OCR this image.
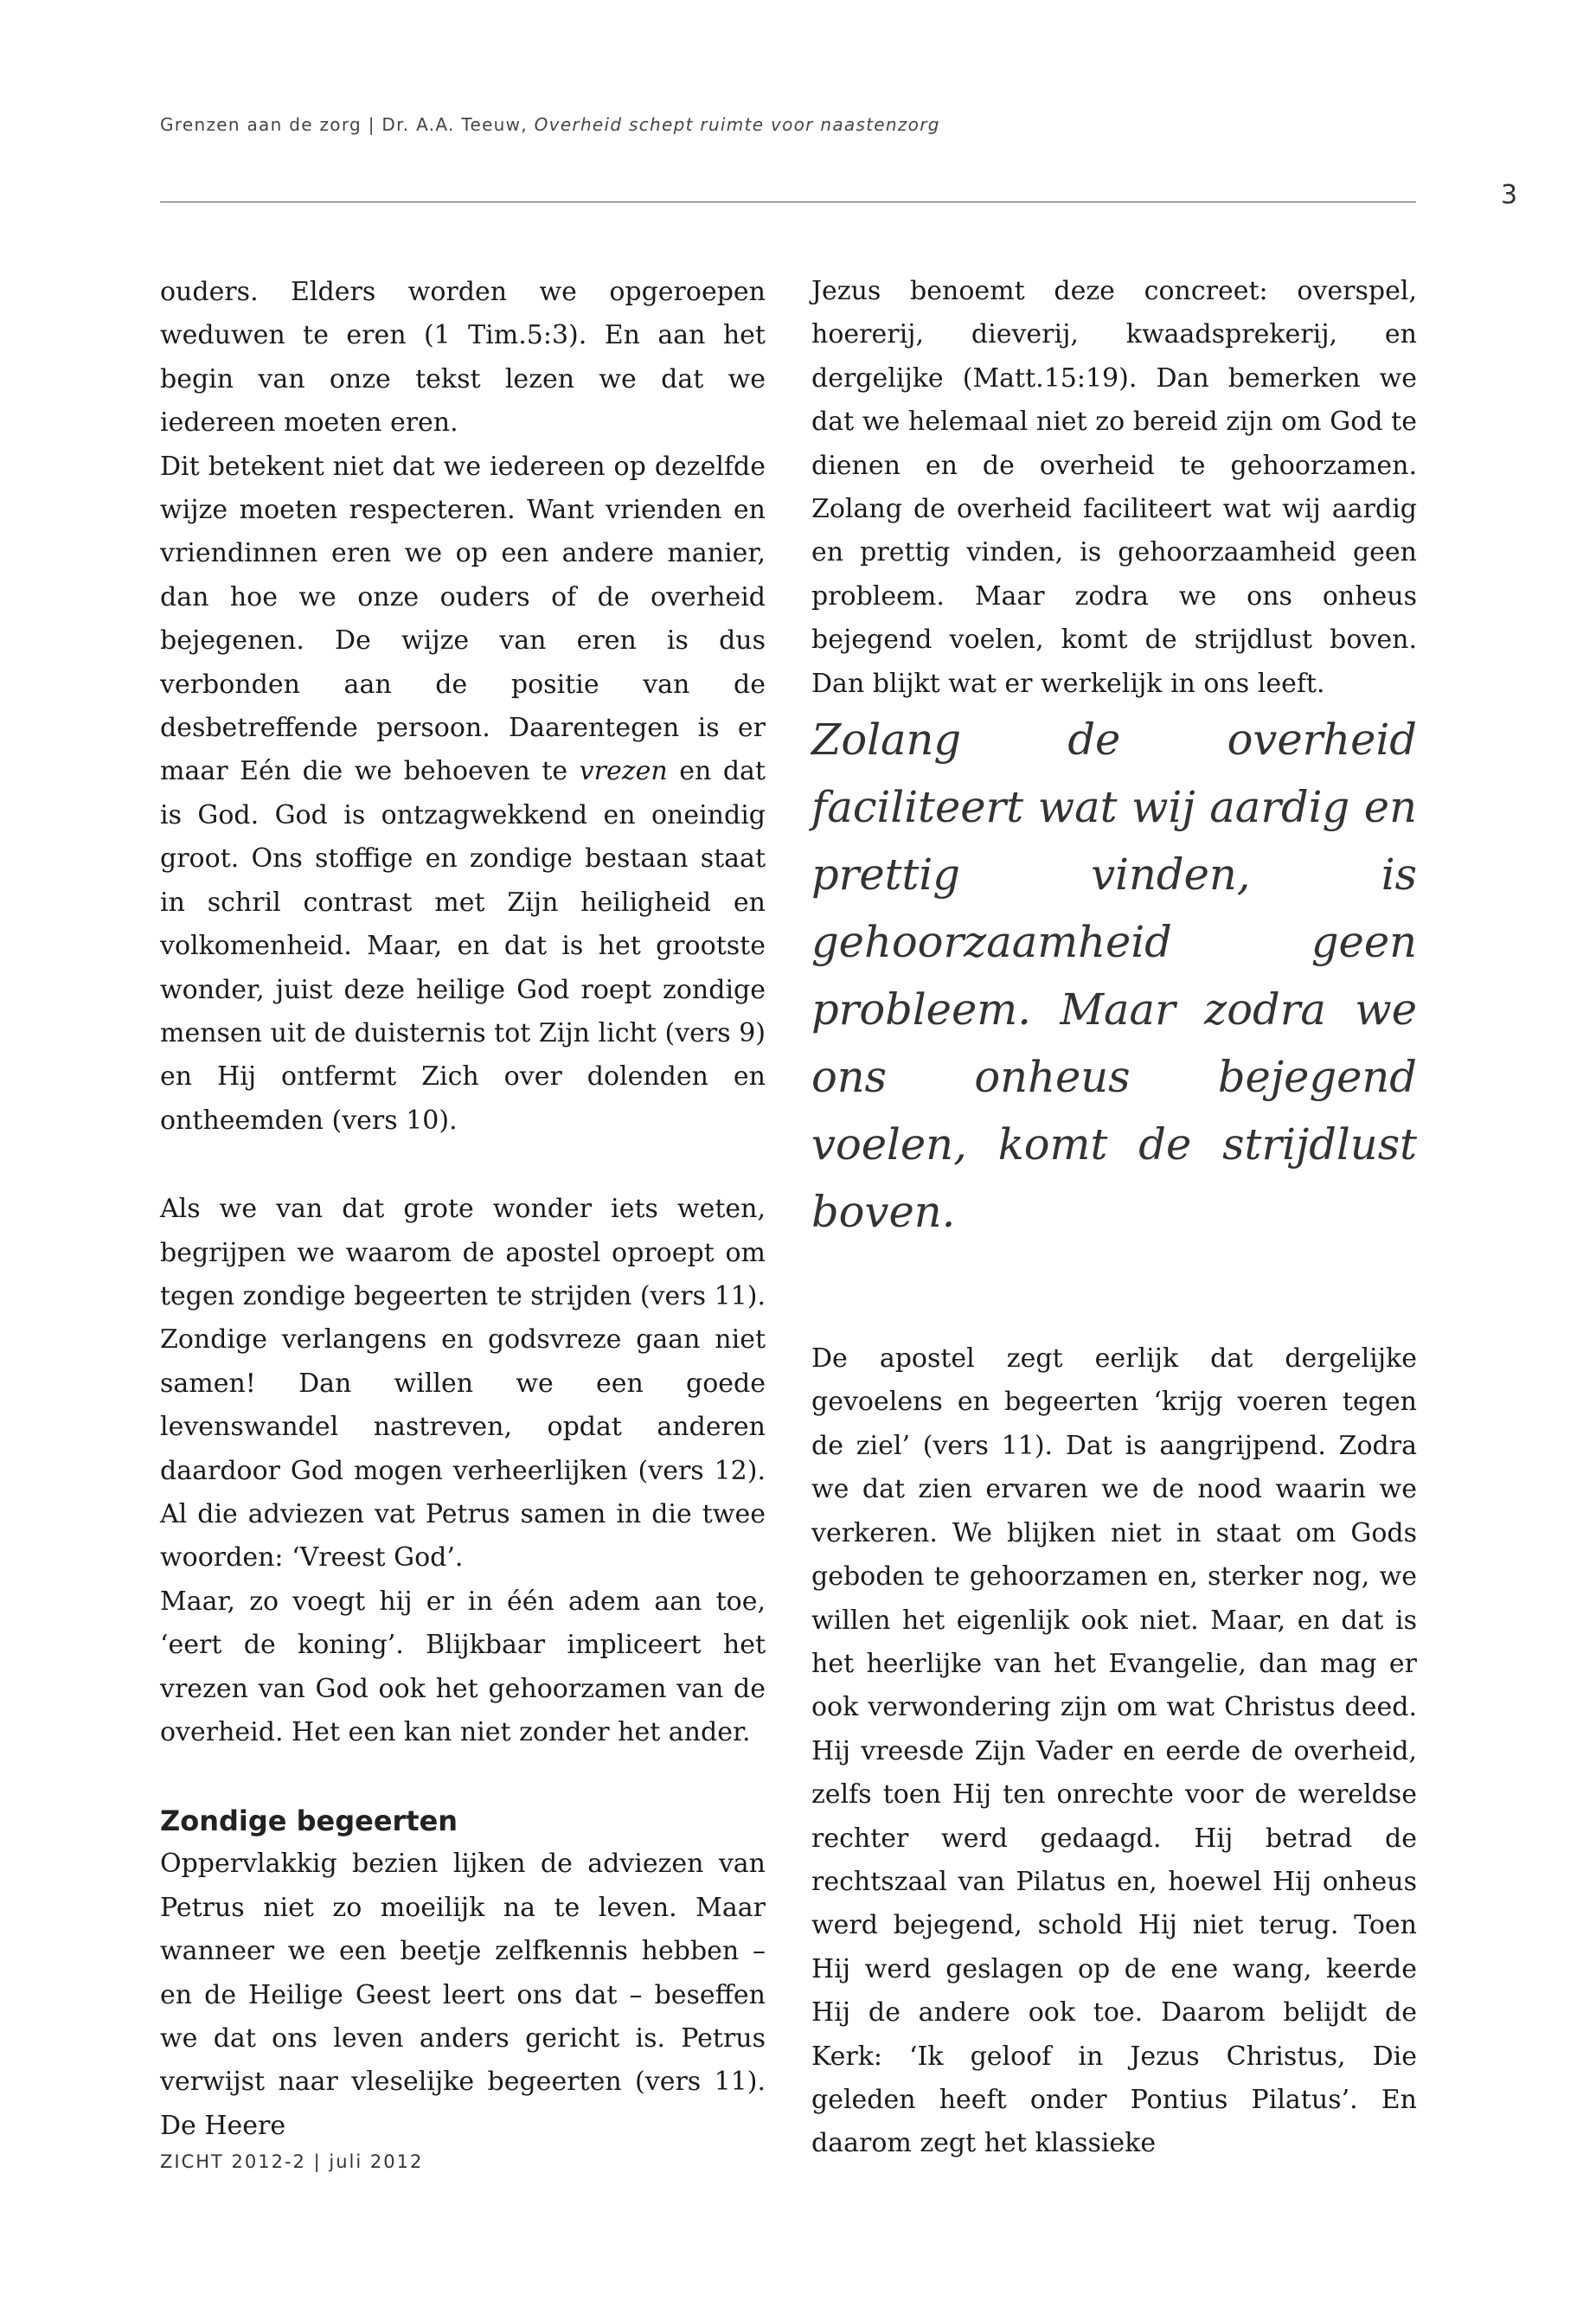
Grenzen aan de zorg | Dr. A.A. Teeuw, Overheid schept ruimte voor naastenzorg
3

ouders. Elders worden we opgeroepen weduwen te eren (1 Tim.5:3). En aan het begin van onze tekst lezen we dat we iedereen moeten eren.

Dit betekent niet dat we iedereen op dezelfde wijze moeten respecteren. Want vrienden en vriendinnen eren we op een andere manier, dan hoe we onze ouders of de overheid bejegenen. De wijze van eren is dus verbonden aan de positie van de desbetreffende persoon. Daarentegen is er maar Eén die we behoeven te vrezen en dat is God. God is ontzagwekkend en oneindig groot. Ons stoffige en zondige bestaan staat in schril contrast met Zijn heiligheid en volkomenheid. Maar, en dat is het grootste wonder, juist deze heilige God roept zondige mensen uit de duisternis tot Zijn licht (vers 9) en Hij ontfermt Zich over dolenden en ontheemden (vers 10).

Als we van dat grote wonder iets weten, begrijpen we waarom de apostel oproept om tegen zondige begeerten te strijden (vers 11). Zondige verlangens en godsvreze gaan niet samen! Dan willen we een goede levenswandel nastreven, opdat anderen daardoor God mogen verheerlijken (vers 12). Al die adviezen vat Petrus samen in die twee woorden: ‘Vreest God’.

Maar, zo voegt hij er in één adem aan toe, ‘eert de koning’. Blijkbaar impliceert het vrezen van God ook het gehoorzamen van de overheid. Het een kan niet zonder het ander.

Zondige begeerten

Oppervlakkig bezien lijken de adviezen van Petrus niet zo moeilijk na te leven. Maar wanneer we een beetje zelfkennis hebben – en de Heilige Geest leert ons dat – beseffen we dat ons leven anders gericht is. Petrus verwijst naar vleselijke begeerten (vers 11). De Heere

Jezus benoemt deze concreet: overspel, hoererij, dieverij, kwaadsprekerij, en dergelijke (Matt.15:19). Dan bemerken we dat we helemaal niet zo bereid zijn om God te dienen en de overheid te gehoorzamen. Zolang de overheid faciliteert wat wij aardig en prettig vinden, is gehoorzaamheid geen probleem. Maar zodra we ons onheus bejegend voelen, komt de strijdlust boven. Dan blijkt wat er werkelijk in ons leeft.

Zolang de overheid faciliteert wat wij aardig en prettig vinden, is gehoorzaamheid geen probleem. Maar zodra we ons onheus bejegend voelen, komt de strijdlust boven.

De apostel zegt eerlijk dat dergelijke gevoelens en begeerten ‘krijg voeren tegen de ziel’ (vers 11). Dat is aangrijpend. Zodra we dat zien ervaren we de nood waarin we verkeren. We blijken niet in staat om Gods geboden te gehoorzamen en, sterker nog, we willen het eigenlijk ook niet. Maar, en dat is het heerlijke van het Evangelie, dan mag er ook verwondering zijn om wat Christus deed. Hij vreesde Zijn Vader en eerde de overheid, zelfs toen Hij ten onrechte voor de wereldse rechter werd gedaagd. Hij betrad de rechtszaal van Pilatus en, hoewel Hij onheus werd bejegend, schold Hij niet terug. Toen Hij werd geslagen op de ene wang, keerde Hij de andere ook toe. Daarom belijdt de Kerk: ‘Ik geloof in Jezus Christus, Die geleden heeft onder Pontius Pilatus’. En daarom zegt het klassieke

ZICHT 2012-2 | juli 2012
